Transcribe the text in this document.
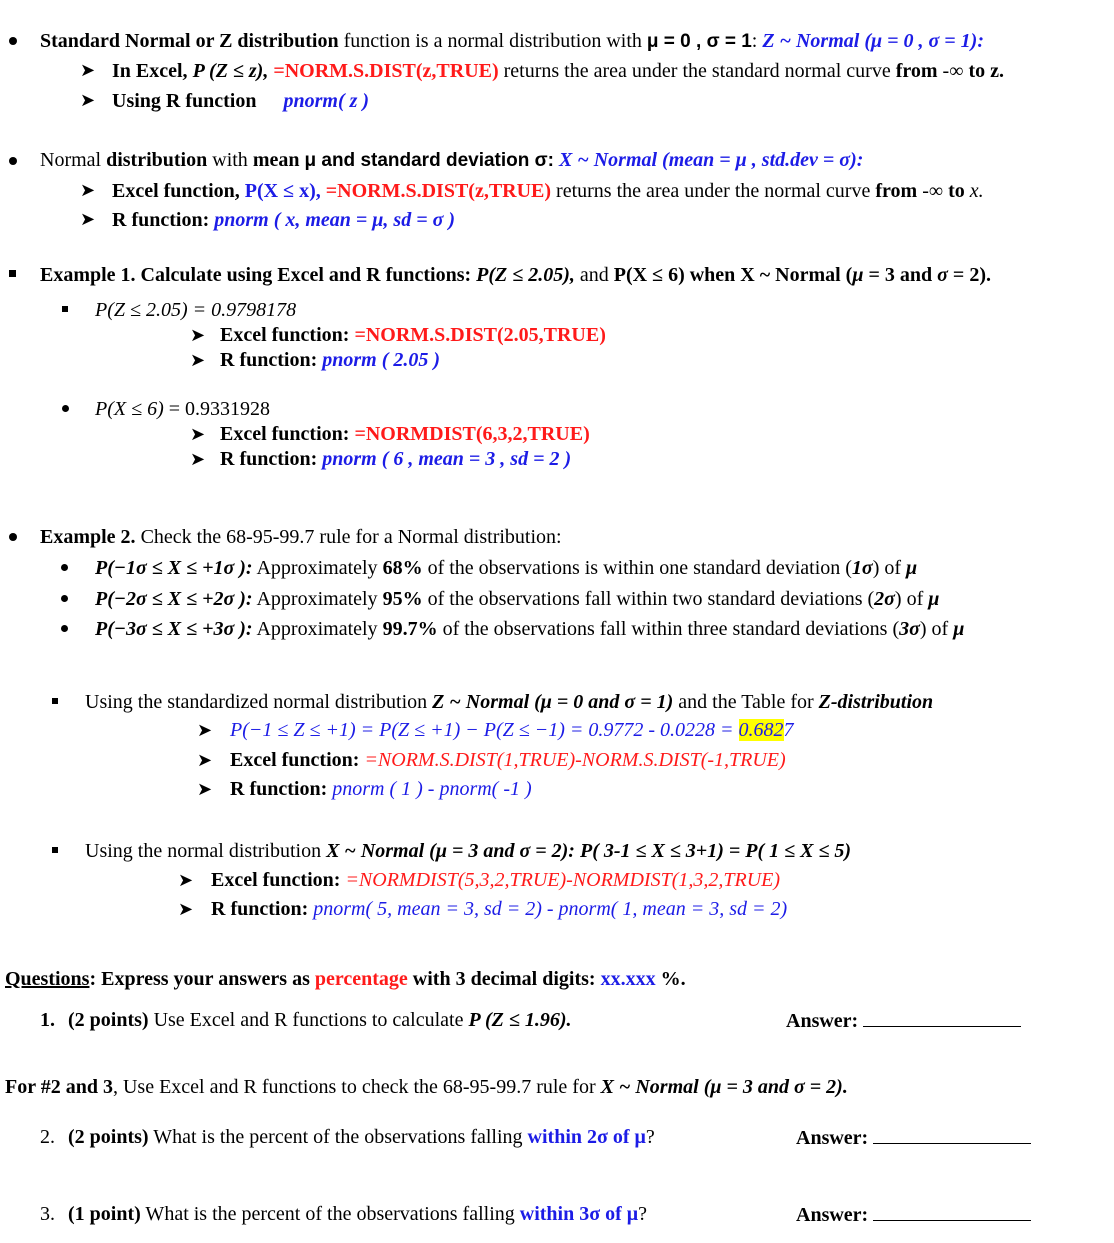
Standard Normal or Z distribution function is a normal distribution with μ = 0 , σ = 1: Z ~ Normal (μ = 0 , σ = 1):
➤ In Excel, P (Z ≤ z), =NORM.S.DIST(z,TRUE) returns the area under the standard normal curve from -∞ to z.
➤ Using R function pnorm( z )
Normal distribution with mean μ and standard deviation σ: X ~ Normal (mean = μ , std.dev = σ):
➤ Excel function, P(X ≤ x), =NORM.S.DIST(z,TRUE) returns the area under the normal curve from -∞ to x.
➤ R function: pnorm ( x, mean = μ, sd = σ )
Example 1. Calculate using Excel and R functions: P(Z ≤ 2.05), and P(X ≤ 6) when X ~ Normal (μ = 3 and σ = 2).
P(Z ≤ 2.05) = 0.9798178
➤ Excel function: =NORM.S.DIST(2.05,TRUE)
➤ R function: pnorm ( 2.05 )
P(X ≤ 6) = 0.9331928
➤ Excel function: =NORMDIST(6,3,2,TRUE)
➤ R function: pnorm ( 6 , mean = 3 , sd = 2 )
Example 2. Check the 68-95-99.7 rule for a Normal distribution:
P(−1σ ≤ X ≤ +1σ ): Approximately 68% of the observations is within one standard deviation (1σ) of μ
P(−2σ ≤ X ≤ +2σ ): Approximately 95% of the observations fall within two standard deviations (2σ) of μ
P(−3σ ≤ X ≤ +3σ ): Approximately 99.7% of the observations fall within three standard deviations (3σ) of μ
Using the standardized normal distribution Z ~ Normal (μ = 0 and σ = 1) and the Table for Z-distribution
➤ P(−1 ≤ Z ≤ +1) = P(Z ≤ +1) − P(Z ≤ −1) = 0.9772 - 0.0228 = 0.6827
➤ Excel function: =NORM.S.DIST(1,TRUE)-NORM.S.DIST(-1,TRUE)
➤ R function: pnorm ( 1 ) - pnorm( -1 )
Using the normal distribution X ~ Normal (μ = 3 and σ = 2): P( 3-1 ≤ X ≤ 3+1) = P( 1 ≤ X ≤ 5)
➤ Excel function: =NORMDIST(5,3,2,TRUE)-NORMDIST(1,3,2,TRUE)
➤ R function: pnorm( 5, mean = 3, sd = 2) - pnorm( 1, mean = 3, sd = 2)
Questions: Express your answers as percentage with 3 decimal digits: xx.xxx %.
1. (2 points) Use Excel and R functions to calculate P (Z ≤ 1.96).	Answer:
For #2 and 3, Use Excel and R functions to check the 68-95-99.7 rule for X ~ Normal (μ = 3 and σ = 2).
2. (2 points) What is the percent of the observations falling within 2σ of μ?	Answer:
3. (1 point) What is the percent of the observations falling within 3σ of μ?	Answer:
